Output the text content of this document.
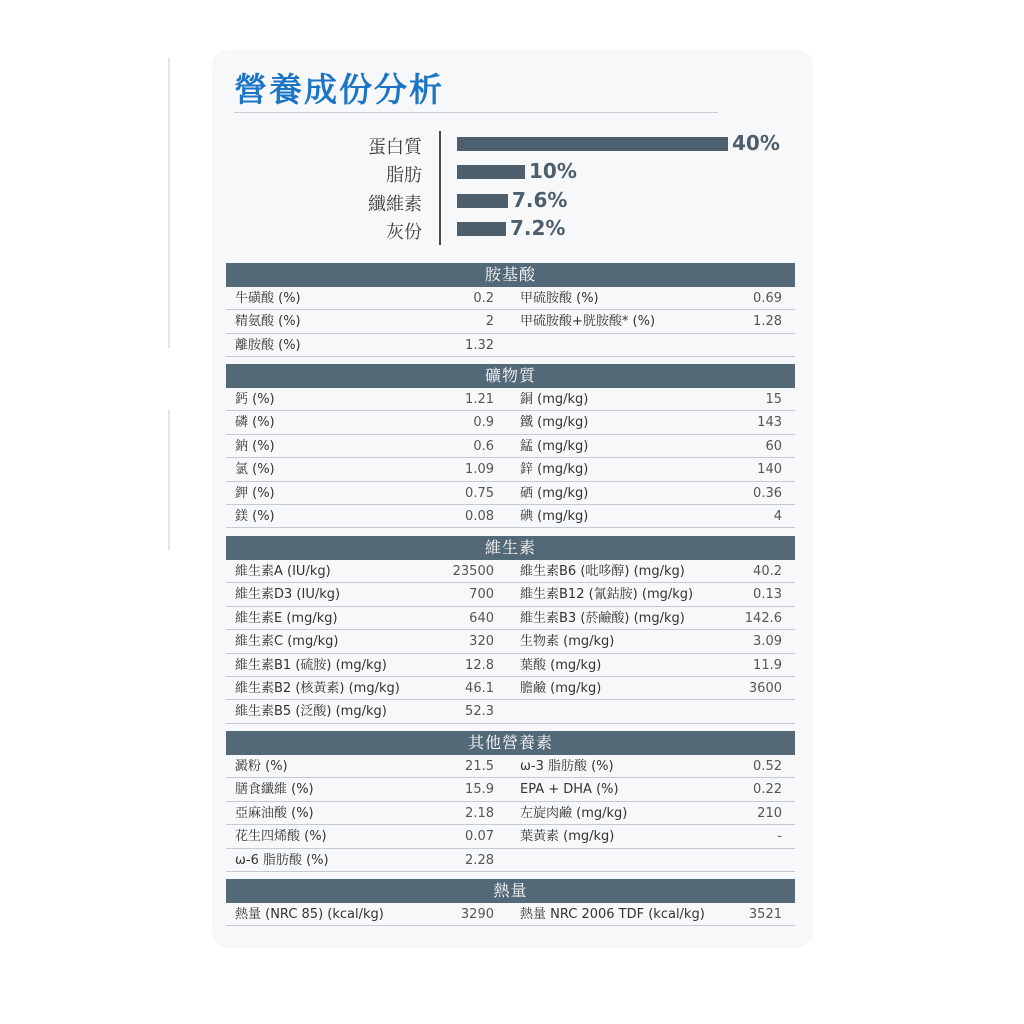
營養成份分析
蛋白質	40%
脂肪	10%
纖維素	7.6%
灰份	7.2%
胺基酸
牛磺酸 (%)	0.2 甲硫胺酸 (%)	0.69
精氨酸 (%)	2 甲硫胺酸+胱胺酸* (%)	1.28
離胺酸 (%)	1.32
礦物質
鈣 (%)	1.21 銅 (mg/kg)	15
磷 (%)	0.9 鐵 (mg/kg)	143
鈉 (%)	0.6 錳 (mg/kg)	60
氯 (%)	1.09 鋅 (mg/kg)	140
鉀 (%)	0.75 硒 (mg/kg)	0.36
鎂 (%)	0.08 碘 (mg/kg)	4
維生素
維生素A (IU/kg)	23500 維生素B6 (吡哆醇) (mg/kg)	40.2
維生素D3 (IU/kg)	700 維生素B12 (氰鈷胺) (mg/kg)	0.13
維生素E (mg/kg)	640 維生素B3 (菸鹼酸) (mg/kg)	142.6
維生素C (mg/kg)	320 生物素 (mg/kg)	3.09
維生素B1 (硫胺) (mg/kg)	12.8 葉酸 (mg/kg)	11.9
維生素B2 (核黃素) (mg/kg)	46.1 膽鹼 (mg/kg)	3600
維生素B5 (泛酸) (mg/kg)	52.3
其他營養素
澱粉 (%)	21.5 ω-3 脂肪酸 (%)	0.52
膳食纖維 (%)	15.9 EPA + DHA (%)	0.22
亞麻油酸 (%)	2.18 左旋肉鹼 (mg/kg)	210
花生四烯酸 (%)	0.07 葉黃素 (mg/kg)	-
ω-6 脂肪酸 (%)	2.28
熱量
熱量 (NRC 85) (kcal/kg)	3290 熱量 NRC 2006 TDF (kcal/kg)	3521
